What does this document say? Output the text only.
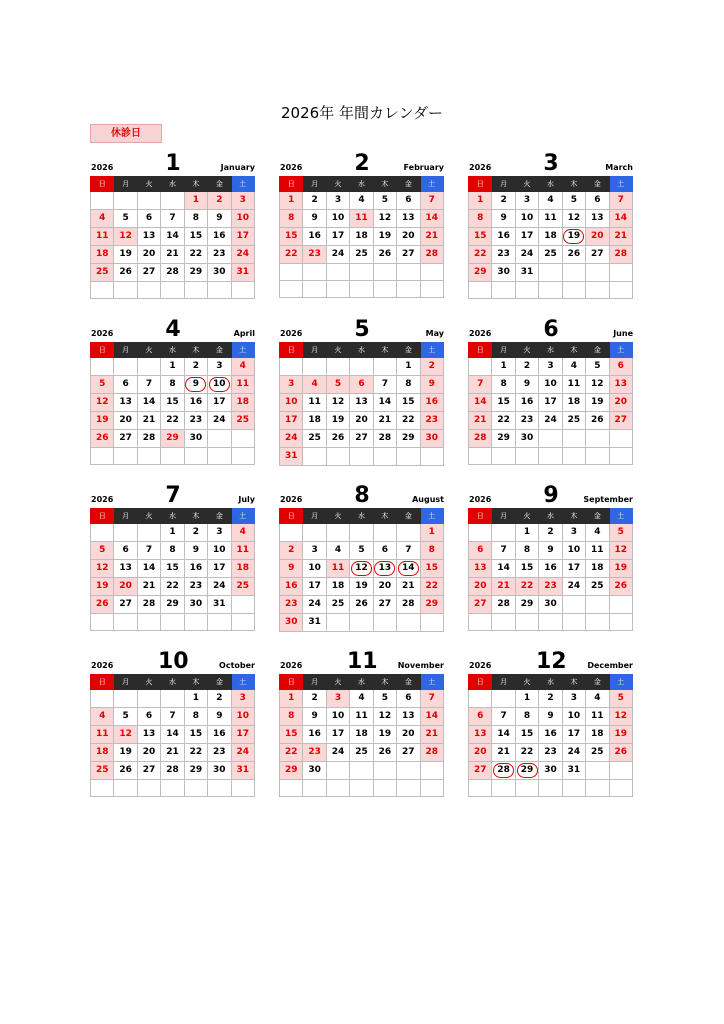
2026年 年間カレンダー
休診日
2026	1	January
日	月	火	水	木	金	土
				1	2	3
4	5	6	7	8	9	10
11	12	13	14	15	16	17
18	19	20	21	22	23	24
25	26	27	28	29	30	31

2026	2	February
日	月	火	水	木	金	土
1	2	3	4	5	6	7
8	9	10	11	12	13	14
15	16	17	18	19	20	21
22	23	24	25	26	27	28

2026	3	March
日	月	火	水	木	金	土
1	2	3	4	5	6	7
8	9	10	11	12	13	14
15	16	17	18	19	20	21
22	23	24	25	26	27	28
29	30	31				

2026	4	April
日	月	火	水	木	金	土
			1	2	3	4
5	6	7	8	9	10	11
12	13	14	15	16	17	18
19	20	21	22	23	24	25
26	27	28	29	30		

2026	5	May
日	月	火	水	木	金	土
					1	2
3	4	5	6	7	8	9
10	11	12	13	14	15	16
17	18	19	20	21	22	23
24	25	26	27	28	29	30
31						
2026	6	June
日	月	火	水	木	金	土
	1	2	3	4	5	6
7	8	9	10	11	12	13
14	15	16	17	18	19	20
21	22	23	24	25	26	27
28	29	30				

2026	7	July
日	月	火	水	木	金	土
			1	2	3	4
5	6	7	8	9	10	11
12	13	14	15	16	17	18
19	20	21	22	23	24	25
26	27	28	29	30	31	

2026	8	August
日	月	火	水	木	金	土
						1
2	3	4	5	6	7	8
9	10	11	12	13	14	15
16	17	18	19	20	21	22
23	24	25	26	27	28	29
30	31					
2026	9	September
日	月	火	水	木	金	土
		1	2	3	4	5
6	7	8	9	10	11	12
13	14	15	16	17	18	19
20	21	22	23	24	25	26
27	28	29	30			

2026 10	October
日	月	火	水	木	金	土
				1	2	3
4	5	6	7	8	9	10
11	12	13	14	15	16	17
18	19	20	21	22	23	24
25	26	27	28	29	30	31

2026 11	November
日	月	火	水	木	金	土
1	2	3	4	5	6	7
8	9	10	11	12	13	14
15	16	17	18	19	20	21
22	23	24	25	26	27	28
29	30					

2026 12	December
日	月	火	水	木	金	土
		1	2	3	4	5
6	7	8	9	10	11	12
13	14	15	16	17	18	19
20	21	22	23	24	25	26
27	28	29	30	31		
